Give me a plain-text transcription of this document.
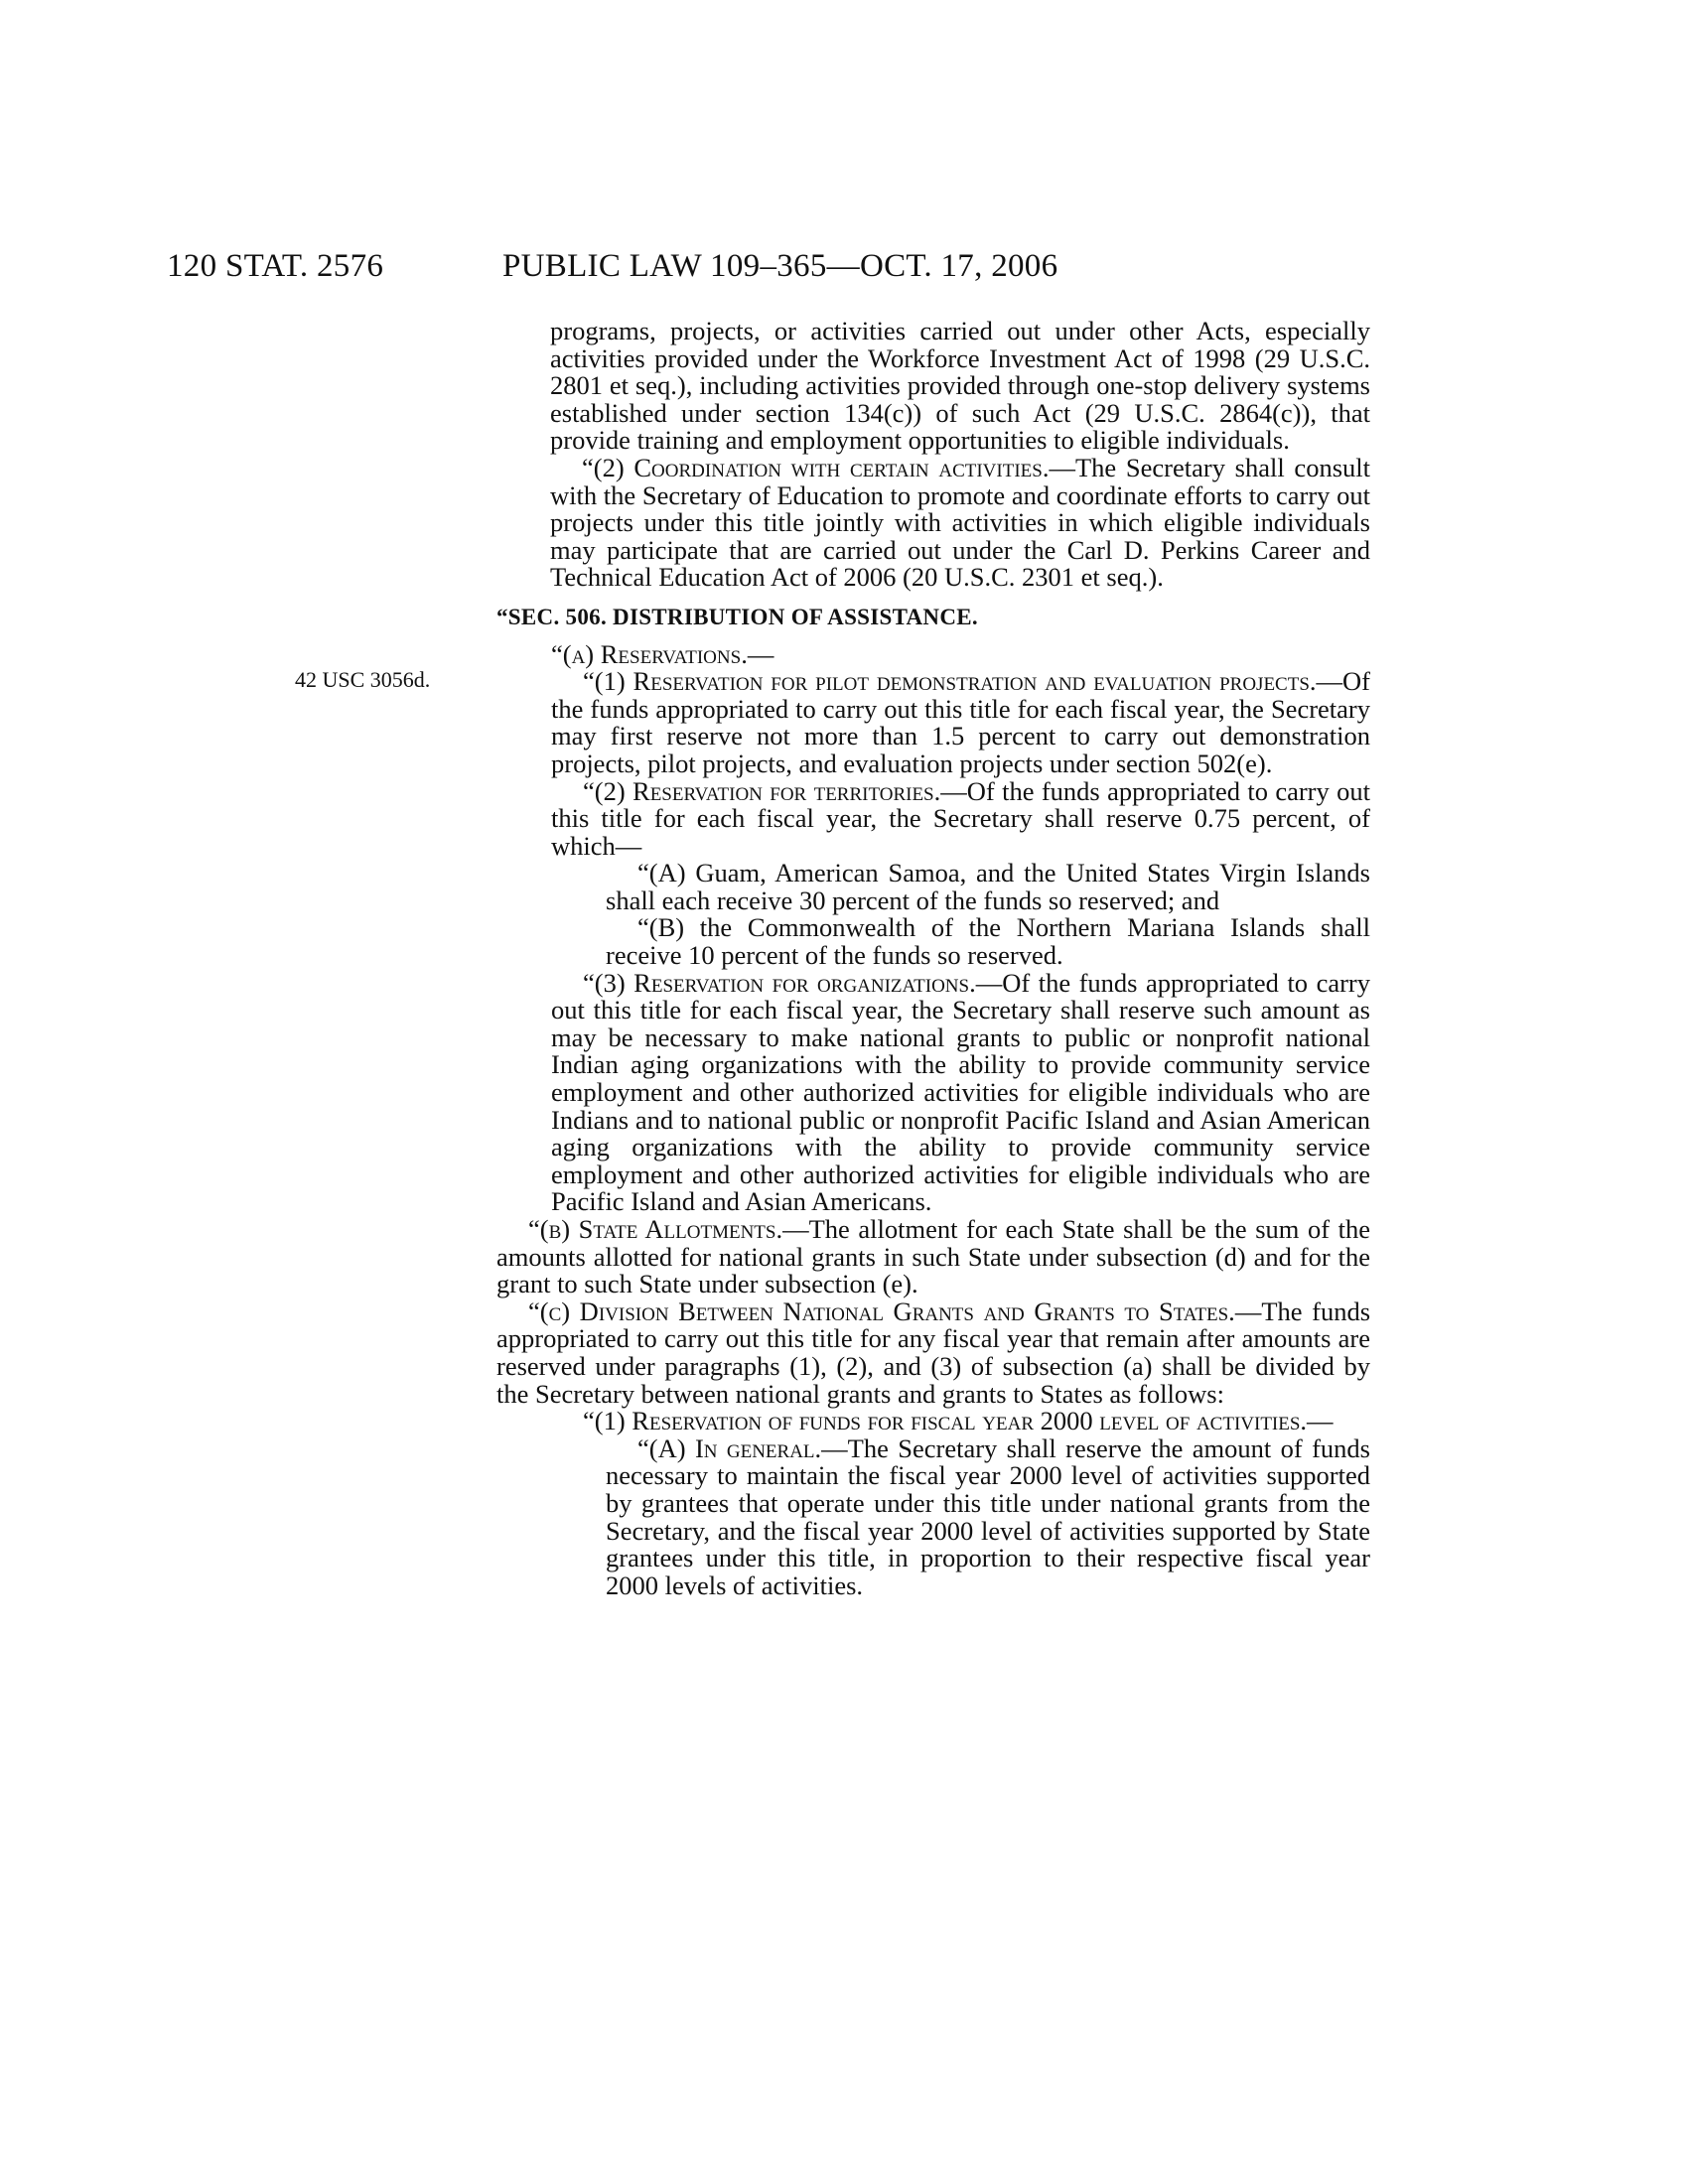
120 STAT. 2576	PUBLIC LAW 109–365—OCT. 17, 2006
42 USC 3056d.

programs, projects, or activities carried out under other Acts, especially activities provided under the Workforce Investment Act of 1998 (29 U.S.C. 2801 et seq.), including activities provided through one-stop delivery systems established under section 134(c)) of such Act (29 U.S.C. 2864(c)), that provide training and employment opportunities to eligible individuals.

“(2) Coordination with certain activities.—The Secretary shall consult with the Secretary of Education to promote and coordinate efforts to carry out projects under this title jointly with activities in which eligible individuals may participate that are carried out under the Carl D. Perkins Career and Technical Education Act of 2006 (20 U.S.C. 2301 et seq.).

“SEC. 506. DISTRIBUTION OF ASSISTANCE.

“(a) Reservations.—

“(1) Reservation for pilot demonstration and evaluation projects.—Of the funds appropriated to carry out this title for each fiscal year, the Secretary may first reserve not more than 1.5 percent to carry out demonstration projects, pilot projects, and evaluation projects under section 502(e).

“(2) Reservation for territories.—Of the funds appropriated to carry out this title for each fiscal year, the Secretary shall reserve 0.75 percent, of which—

“(A) Guam, American Samoa, and the United States Virgin Islands shall each receive 30 percent of the funds so reserved; and

“(B) the Commonwealth of the Northern Mariana Islands shall receive 10 percent of the funds so reserved.

“(3) Reservation for organizations.—Of the funds appropriated to carry out this title for each fiscal year, the Secretary shall reserve such amount as may be necessary to make national grants to public or nonprofit national Indian aging organizations with the ability to provide community service employment and other authorized activities for eligible individuals who are Indians and to national public or nonprofit Pacific Island and Asian American aging organizations with the ability to provide community service employment and other authorized activities for eligible individuals who are Pacific Island and Asian Americans.

“(b) State Allotments.—The allotment for each State shall be the sum of the amounts allotted for national grants in such State under subsection (d) and for the grant to such State under subsection (e).

“(c) Division Between National Grants and Grants to States.—The funds appropriated to carry out this title for any fiscal year that remain after amounts are reserved under paragraphs (1), (2), and (3) of subsection (a) shall be divided by the Secretary between national grants and grants to States as follows:

“(1) Reservation of funds for fiscal year 2000 level of activities.—

“(A) In general.—The Secretary shall reserve the amount of funds necessary to maintain the fiscal year 2000 level of activities supported by grantees that operate under this title under national grants from the Secretary, and the fiscal year 2000 level of activities supported by State grantees under this title, in proportion to their respective fiscal year 2000 levels of activities.
